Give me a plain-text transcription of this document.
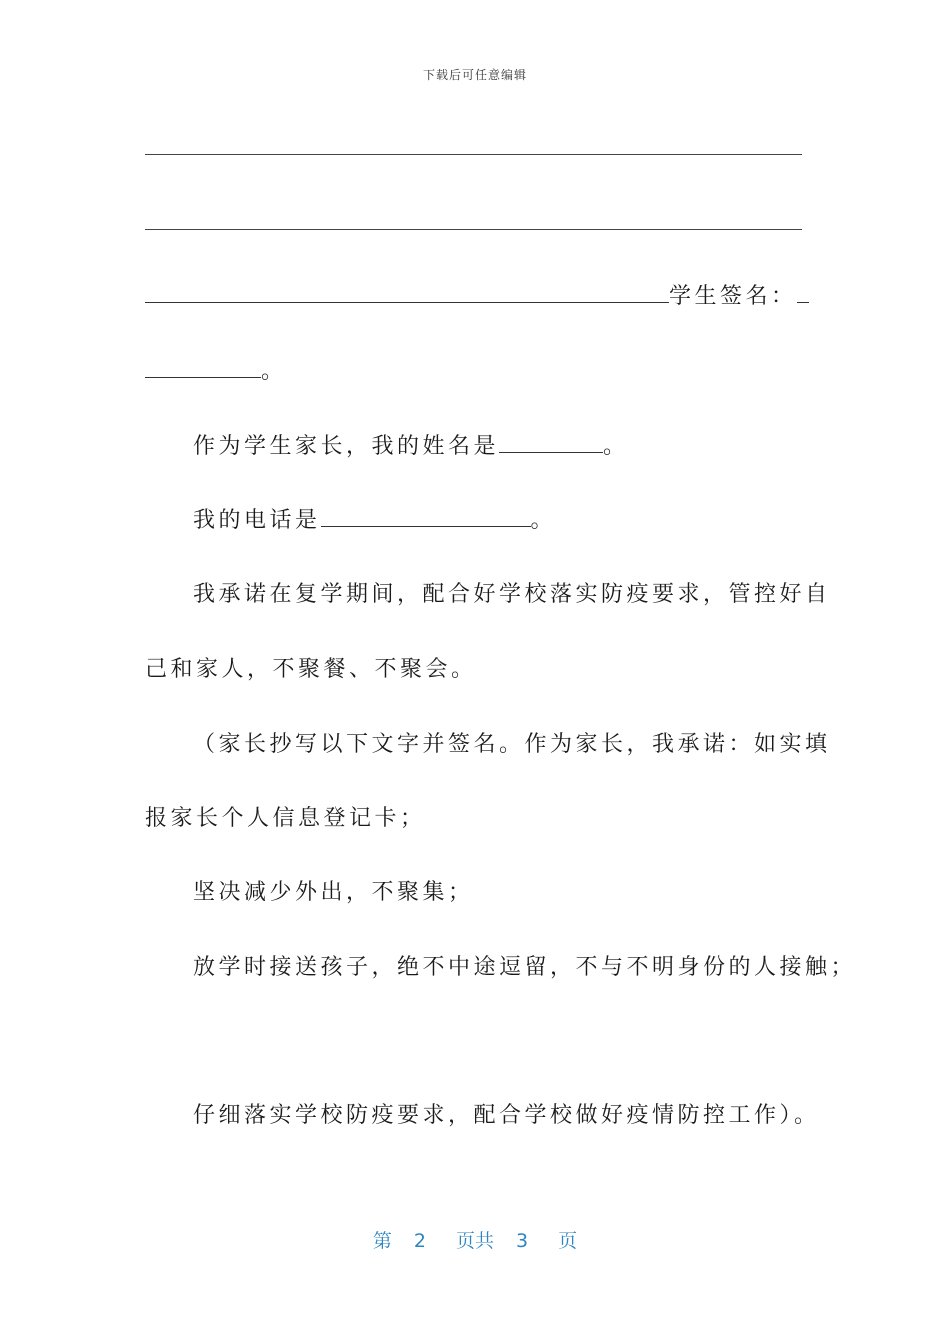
下载后可任意编辑
学生签名：
。
作为学生家长，我的姓名是	。
我的电话是	。
我承诺在复学期间，配合好学校落实防疫要求，管控好自
己和家人，不聚餐、不聚会。
（家长抄写以下文字并签名。作为家长，我承诺：如实填
报家长个人信息登记卡；
坚决减少外出，不聚集；
放学时接送孩子，绝不中途逗留，不与不明身份的人接触；
仔细落实学校防疫要求，配合学校做好疫情防控工作）。
第 2 页共 3 页
